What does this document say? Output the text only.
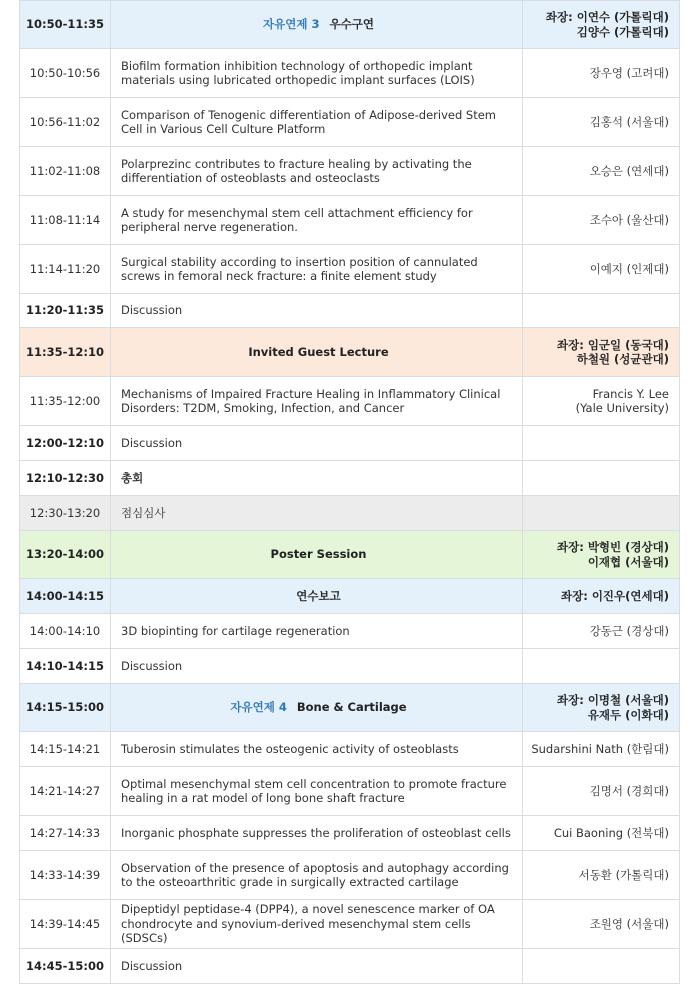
10:50-11:35	자유연제 3 우수구연	좌장: 이연수 (가톨릭대)
김양수 (가톨릭대)

10:50-10:56	Biofilm formation inhibition technology of orthopedic implant materials using lubricated orthopedic implant surfaces (LOIS)	장우영 (고려대)
10:56-11:02	Comparison of Tenogenic differentiation of Adipose-derived Stem Cell in Various Cell Culture Platform	김홍석 (서울대)
11:02-11:08	Polarprezinc contributes to fracture healing by activating the differentiation of osteoblasts and osteoclasts	오승은 (연세대)
11:08-11:14	A study for mesenchymal stem cell attachment efficiency for peripheral nerve regeneration.	조수아 (울산대)
11:14-11:20	Surgical stability according to insertion position of cannulated screws in femoral neck fracture: a finite element study	이예지 (인제대)
11:20-11:35	Discussion	
11:35-12:10	Invited Guest Lecture	좌장: 임군일 (동국대)
하철원 (성균관대)

11:35-12:00	Mechanisms of Impaired Fracture Healing in Inflammatory Clinical Disorders: T2DM, Smoking, Infection, and Cancer	Francis Y. Lee
(Yale University)
12:00-12:10	Discussion	
12:10-12:30	총회	
12:30-13:20	점심심사	
13:20-14:00	Poster Session	좌장: 박형빈 (경상대)
이재협 (서울대)

14:00-14:15	연수보고	좌장: 이진우(연세대)

14:00-14:10	3D biopinting for cartilage regeneration	강동근 (경상대)
14:10-14:15	Discussion	
14:15-15:00	자유연제 4 Bone & Cartilage	좌장: 이명철 (서울대)
유재두 (이화대)

14:15-14:21	Tuberosin stimulates the osteogenic activity of osteoblasts	Sudarshini Nath (한림대)
14:21-14:27	Optimal mesenchymal stem cell concentration to promote fracture healing in a rat model of long bone shaft fracture	김명서 (경희대)
14:27-14:33	Inorganic phosphate suppresses the proliferation of osteoblast cells	Cui Baoning (전북대)
14:33-14:39	Observation of the presence of apoptosis and autophagy according to the osteoarthritic grade in surgically extracted cartilage	서동환 (가톨릭대)
14:39-14:45	Dipeptidyl peptidase-4 (DPP4), a novel senescence marker of OA chondrocyte and synovium-derived mesenchymal stem cells (SDSCs)	조원영 (서울대)
14:45-15:00	Discussion	
